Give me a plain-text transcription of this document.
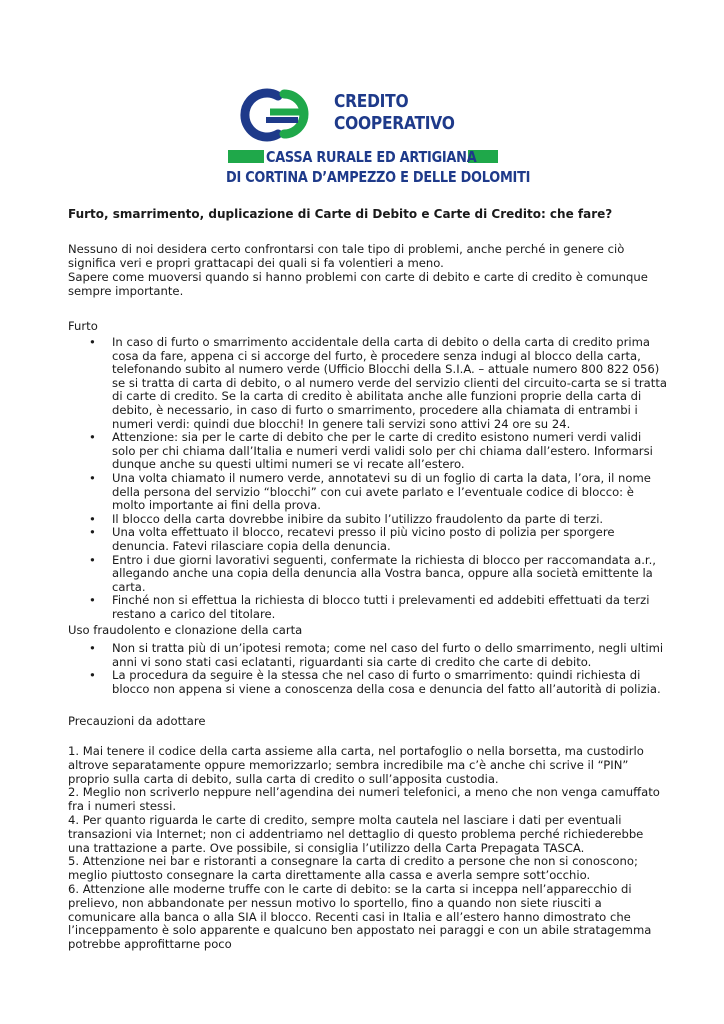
CREDITO
COOPERATIVO
CASSA RURALE ED ARTIGIANA
DI CORTINA D’AMPEZZO E DELLE DOLOMITI
Furto, smarrimento, duplicazione di Carte di Debito e Carte di Credito: che fare?

Nessuno di noi desidera certo confrontarsi con tale tipo di problemi, anche perché in genere ciò significa veri e propri grattacapi dei quali si fa volentieri a meno.

Sapere come muoversi quando si hanno problemi con carte di debito e carte di credito è comunque sempre importante.

Furto

• In caso di furto o smarrimento accidentale della carta di debito o della carta di credito prima cosa da fare, appena ci si accorge del furto, è procedere senza indugi al blocco della carta, telefonando subito al numero verde (Ufficio Blocchi della S.I.A. – attuale numero 800 822 056) se si tratta di carta di debito, o al numero verde del servizio clienti del circuito-carta se si tratta di carte di credito. Se la carta di credito è abilitata anche alle funzioni proprie della carta di debito, è necessario, in caso di furto o smarrimento, procedere alla chiamata di entrambi i numeri verdi: quindi due blocchi! In genere tali servizi sono attivi 24 ore su 24.
• Attenzione: sia per le carte di debito che per le carte di credito esistono numeri verdi validi solo per chi chiama dall’Italia e numeri verdi validi solo per chi chiama dall’estero. Informarsi dunque anche su questi ultimi numeri se vi recate all’estero.
• Una volta chiamato il numero verde, annotatevi su di un foglio di carta la data, l’ora, il nome della persona del servizio “blocchi” con cui avete parlato e l’eventuale codice di blocco: è molto importante ai fini della prova.
• Il blocco della carta dovrebbe inibire da subito l’utilizzo fraudolento da parte di terzi.
• Una volta effettuato il blocco, recatevi presso il più vicino posto di polizia per sporgere denuncia. Fatevi rilasciare copia della denuncia.
• Entro i due giorni lavorativi seguenti, confermate la richiesta di blocco per raccomandata a.r., allegando anche una copia della denuncia alla Vostra banca, oppure alla società emittente la carta.
• Finché non si effettua la richiesta di blocco tutti i prelevamenti ed addebiti effettuati da terzi restano a carico del titolare.

Uso fraudolento e clonazione della carta

• Non si tratta più di un’ipotesi remota; come nel caso del furto o dello smarrimento, negli ultimi anni vi sono stati casi eclatanti, riguardanti sia carte di credito che carte di debito.
• La procedura da seguire è la stessa che nel caso di furto o smarrimento: quindi richiesta di blocco non appena si viene a conoscenza della cosa e denuncia del fatto all’autorità di polizia.

Precauzioni da adottare

1. Mai tenere il codice della carta assieme alla carta, nel portafoglio o nella borsetta, ma custodirlo altrove separatamente oppure memorizzarlo; sembra incredibile ma c’è anche chi scrive il “PIN” proprio sulla carta di debito, sulla carta di credito o sull’apposita custodia.

2. Meglio non scriverlo neppure nell’agendina dei numeri telefonici, a meno che non venga camuffato fra i numeri stessi.

4. Per quanto riguarda le carte di credito, sempre molta cautela nel lasciare i dati per eventuali transazioni via Internet; non ci addentriamo nel dettaglio di questo problema perché richiederebbe una trattazione a parte. Ove possibile, si consiglia l’utilizzo della Carta Prepagata TASCA.

5. Attenzione nei bar e ristoranti a consegnare la carta di credito a persone che non si conoscono; meglio piuttosto consegnare la carta direttamente alla cassa e averla sempre sott’occhio.

6. Attenzione alle moderne truffe con le carte di debito: se la carta si inceppa nell’apparecchio di prelievo, non abbandonate per nessun motivo lo sportello, fino a quando non siete riusciti a comunicare alla banca o alla SIA il blocco. Recenti casi in Italia e all’estero hanno dimostrato che l’inceppamento è solo apparente e qualcuno ben appostato nei paraggi e con un abile stratagemma potrebbe approfittarne poco
